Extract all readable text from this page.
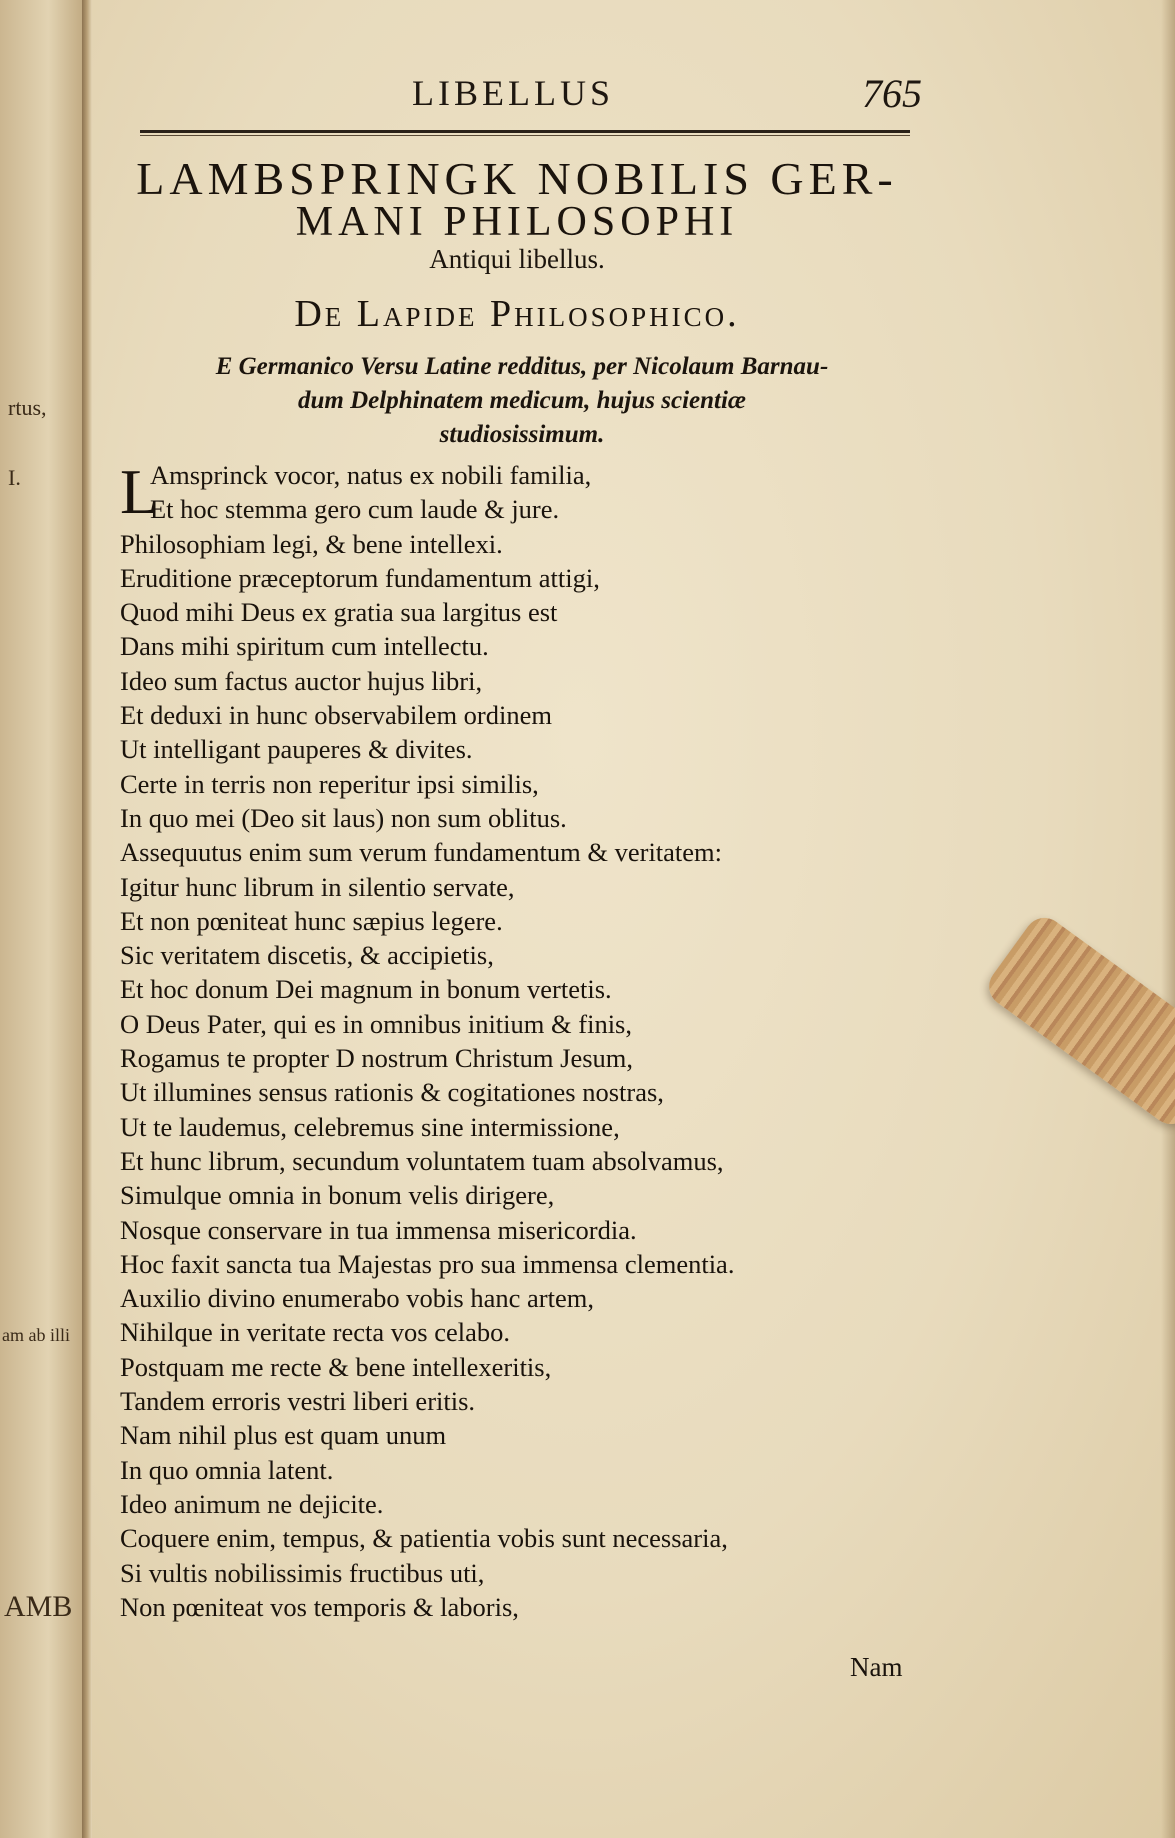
rtus,
I.
am ab illi
AMB
LIBELLUS	765
LAMBSPRINGK NOBILIS GER-
MANI PHILOSOPHI
Antiqui libellus.
De Lapide Philosophico.
E Germanico Versu Latine redditus, per Nicolaum Barnau-
dum Delphinatem medicum, hujus scientiæ
studiosissimum.
L
Amsprinck vocor, natus ex nobili familia,
Et hoc stemma gero cum laude & jure.
Philosophiam legi, & bene intellexi.
Eruditione præceptorum fundamentum attigi,
Quod mihi Deus ex gratia sua largitus est
Dans mihi spiritum cum intellectu.
Ideo sum factus auctor hujus libri,
Et deduxi in hunc observabilem ordinem
Ut intelligant pauperes & divites.
Certe in terris non reperitur ipsi similis,
In quo mei (Deo sit laus) non sum oblitus.
Assequutus enim sum verum fundamentum & veritatem:
Igitur hunc librum in silentio servate,
Et non pœniteat hunc sæpius legere.
Sic veritatem discetis, & accipietis,
Et hoc donum Dei magnum in bonum vertetis.
O Deus Pater, qui es in omnibus initium & finis,
Rogamus te propter D nostrum Christum Jesum,
Ut illumines sensus rationis & cogitationes nostras,
Ut te laudemus, celebremus sine intermissione,
Et hunc librum, secundum voluntatem tuam absolvamus,
Simulque omnia in bonum velis dirigere,
Nosque conservare in tua immensa misericordia.
Hoc faxit sancta tua Majestas pro sua immensa clementia.
Auxilio divino enumerabo vobis hanc artem,
Nihilque in veritate recta vos celabo.
Postquam me recte & bene intellexeritis,
Tandem erroris vestri liberi eritis.
Nam nihil plus est quam unum
In quo omnia latent.
Ideo animum ne dejicite.
Coquere enim, tempus, & patientia vobis sunt necessaria,
Si vultis nobilissimis fructibus uti,
Non pœniteat vos temporis & laboris,
Nam
